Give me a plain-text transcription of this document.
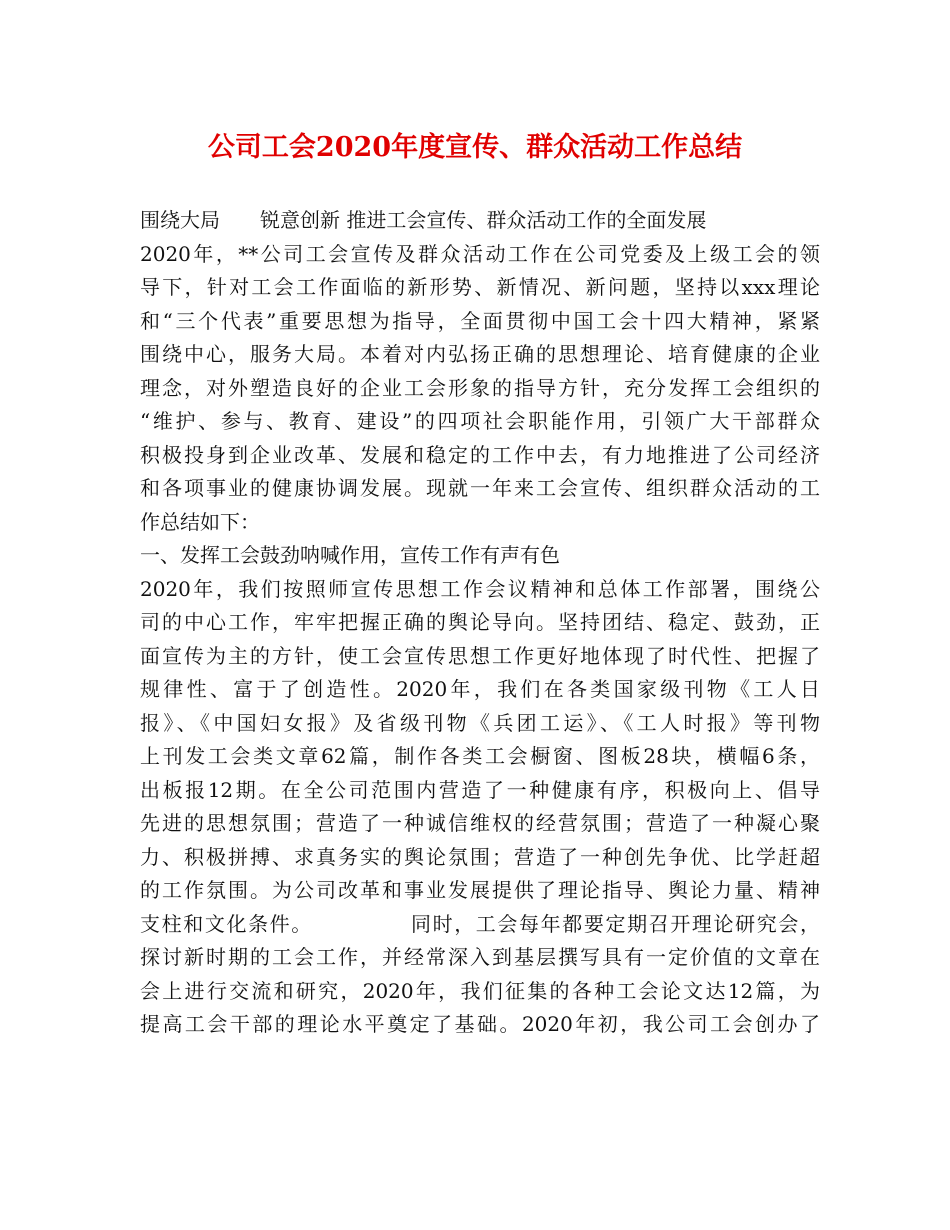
公司工会2020年度宣传、群众活动工作总结
围绕大局　　锐意创新 推进工会宣传、群众活动工作的全面发展
2020年，**公司工会宣传及群众活动工作在公司党委及上级工会的领
导下，针对工会工作面临的新形势、新情况、新问题，坚持以xxx理论
和“三个代表”重要思想为指导，全面贯彻中国工会十四大精神，紧紧
围绕中心，服务大局。本着对内弘扬正确的思想理论、培育健康的企业
理念，对外塑造良好的企业工会形象的指导方针，充分发挥工会组织的
“维护、参与、教育、建设”的四项社会职能作用，引领广大干部群众
积极投身到企业改革、发展和稳定的工作中去，有力地推进了公司经济
和各项事业的健康协调发展。现就一年来工会宣传、组织群众活动的工
作总结如下：
一、发挥工会鼓劲呐喊作用，宣传工作有声有色
2020年，我们按照师宣传思想工作会议精神和总体工作部署，围绕公
司的中心工作，牢牢把握正确的舆论导向。坚持团结、稳定、鼓劲，正
面宣传为主的方针，使工会宣传思想工作更好地体现了时代性、把握了
规律性、富于了创造性。2020年，我们在各类国家级刊物《工人日
报》、《中国妇女报》及省级刊物《兵团工运》、《工人时报》等刊物
上刊发工会类文章62篇，制作各类工会橱窗、图板28块，横幅6条，
出板报12期。在全公司范围内营造了一种健康有序，积极向上、倡导
先进的思想氛围；营造了一种诚信维权的经营氛围；营造了一种凝心聚
力、积极拼搏、求真务实的舆论氛围；营造了一种创先争优、比学赶超
的工作氛围。为公司改革和事业发展提供了理论指导、舆论力量、精神
支柱和文化条件。　　　　　同时，工会每年都要定期召开理论研究会，
探讨新时期的工会工作，并经常深入到基层撰写具有一定价值的文章在
会上进行交流和研究，2020年，我们征集的各种工会论文达12篇，为
提高工会干部的理论水平奠定了基础。2020年初，我公司工会创办了
